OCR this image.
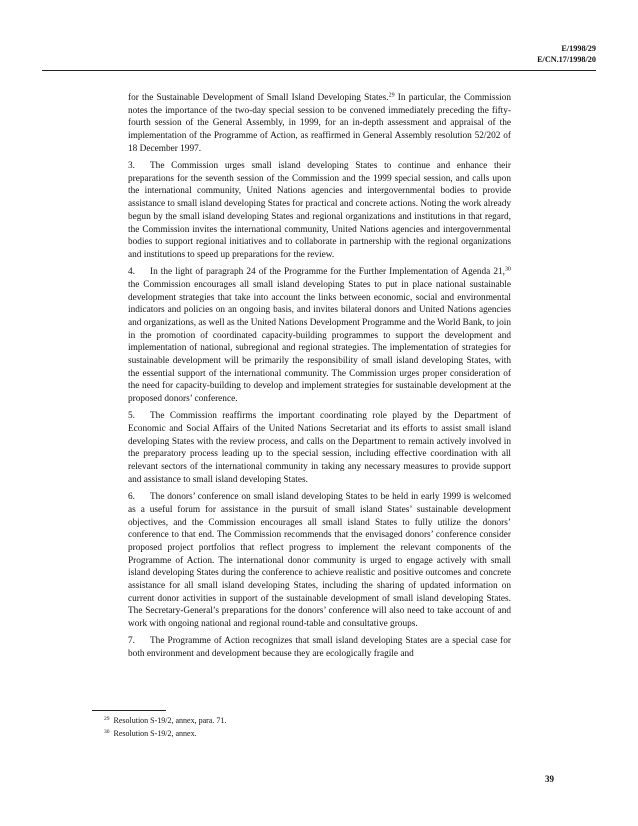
E/1998/29
E/CN.17/1998/20

for the Sustainable Development of Small Island Developing States.$^{29}$ In particular, the Commission notes the importance of the two-day special session to be convened immediately preceding the fifty-fourth session of the General Assembly, in 1999, for an in-depth assessment and appraisal of the implementation of the Programme of Action, as reaffirmed in General Assembly resolution 52/202 of 18 December 1997.

3. The Commission urges small island developing States to continue and enhance their preparations for the seventh session of the Commission and the 1999 special session, and calls upon the international community, United Nations agencies and intergovernmental bodies to provide assistance to small island developing States for practical and concrete actions. Noting the work already begun by the small island developing States and regional organizations and institutions in that regard, the Commission invites the international community, United Nations agencies and intergovernmental bodies to support regional initiatives and to collaborate in partnership with the regional organizations and institutions to speed up preparations for the review.

4. In the light of paragraph 24 of the Programme for the Further Implementation of Agenda 21,30 the Commission encourages all small island developing States to put in place national sustainable development strategies that take into account the links between economic, social and environmental indicators and policies on an ongoing basis, and invites bilateral donors and United Nations agencies and organizations, as well as the United Nations Development Programme and the World Bank, to join in the promotion of coordinated capacity-building programmes to support the development and implementation of national, subregional and regional strategies. The implementation of strategies for sustainable development will be primarily the responsibility of small island developing States, with the essential support of the international community. The Commission urges proper consideration of the need for capacity-building to develop and implement strategies for sustainable development at the proposed donors’ conference.

5. The Commission reaffirms the important coordinating role played by the Department of Economic and Social Affairs of the United Nations Secretariat and its efforts to assist small island developing States with the review process, and calls on the Department to remain actively involved in the preparatory process leading up to the special session, including effective coordination with all relevant sectors of the international community in taking any necessary measures to provide support and assistance to small island developing States.

6. The donors’ conference on small island developing States to be held in early 1999 is welcomed as a useful forum for assistance in the pursuit of small island States’ sustainable development objectives, and the Commission encourages all small island States to fully utilize the donors’ conference to that end. The Commission recommends that the envisaged donors’ conference consider proposed project portfolios that reflect progress to implement the relevant components of the Programme of Action. The international donor community is urged to engage actively with small island developing States during the conference to achieve realistic and positive outcomes and concrete assistance for all small island developing States, including the sharing of updated information on current donor activities in support of the sustainable development of small island developing States. The Secretary-General’s preparations for the donors’ conference will also need to take account of and work with ongoing national and regional round-table and consultative groups.

7. The Programme of Action recognizes that small island developing States are a special case for both environment and development because they are ecologically fragile and

$^{29}$ Resolution S-19/2, annex, para. 71.
$^{30}$ Resolution S-19/2, annex.
39
